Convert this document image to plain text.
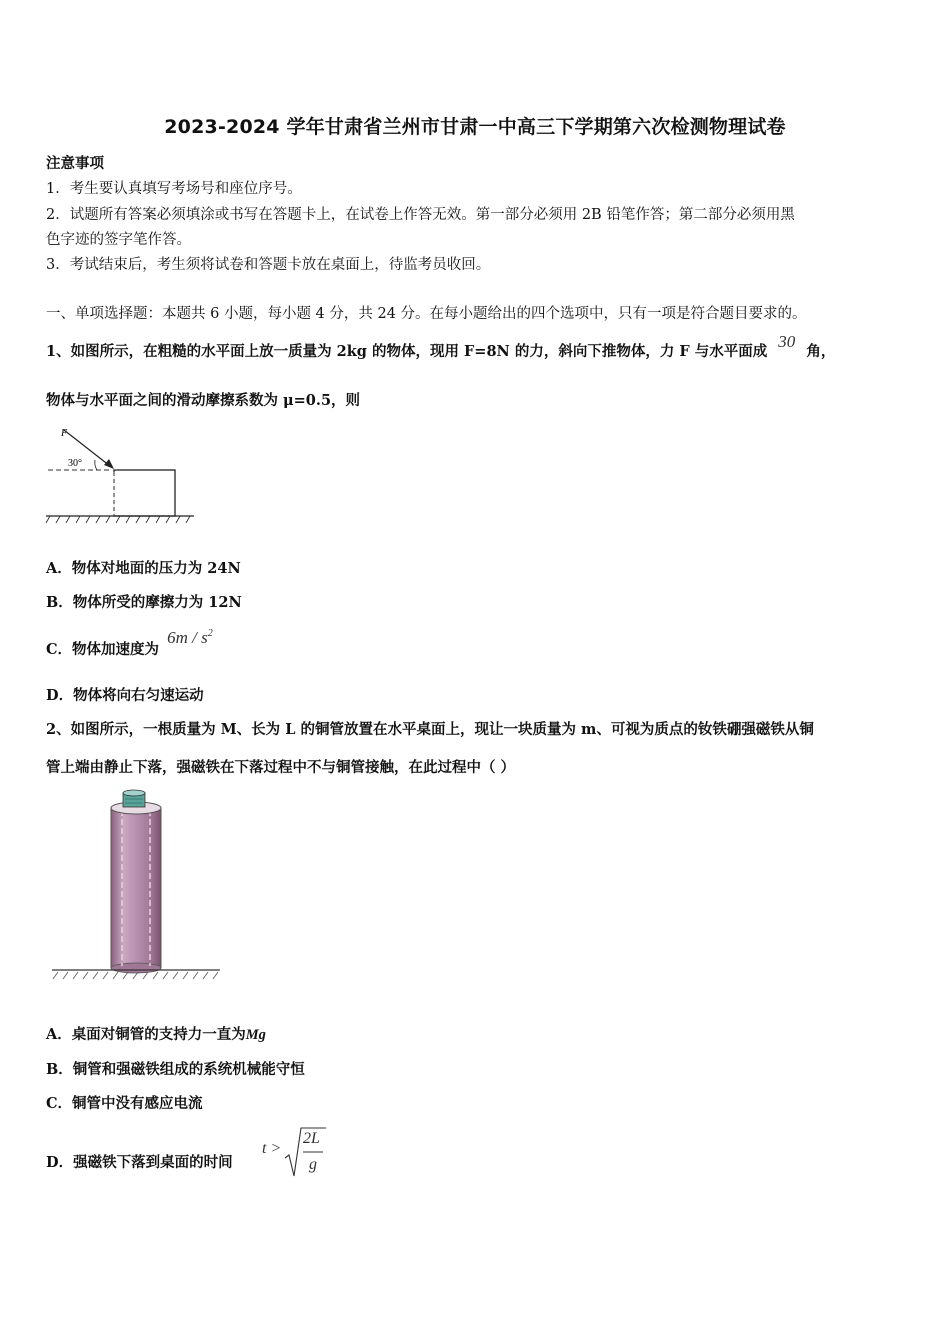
2023-2024 学年甘肃省兰州市甘肃一中高三下学期第六次检测物理试卷
注意事项
1．考生要认真填写考场号和座位序号。
2．试题所有答案必须填涂或书写在答题卡上，在试卷上作答无效。第一部分必须用 2B 铅笔作答；第二部分必须用黑
色字迹的签字笔作答。
3．考试结束后，考生须将试卷和答题卡放在桌面上，待监考员收回。
一、单项选择题：本题共 6 小题，每小题 4 分，共 24 分。在每小题给出的四个选项中，只有一项是符合题目要求的。
1、如图所示，在粗糙的水平面上放一质量为 2kg 的物体，现用 F=8N 的力，斜向下推物体，力 F 与水平面成 30 角，
物体与水平面之间的滑动摩擦系数为 μ=0.5，则
F
30°
A．物体对地面的压力为 24N
B．物体所受的摩擦力为 12N
C．物体加速度为 $6m / s^2$
D．物体将向右匀速运动
2、如图所示，一根质量为 M、长为 L 的铜管放置在水平桌面上，现让一块质量为 m、可视为质点的钕铁硼强磁铁从铜
管上端由静止下落，强磁铁在下落过程中不与铜管接触，在此过程中（ ）
A．桌面对铜管的支持力一直为Mg
B．铜管和强磁铁组成的系统机械能守恒
C．铜管中没有感应电流
D．强磁铁下落到桌面的时间
t >
2L
g
